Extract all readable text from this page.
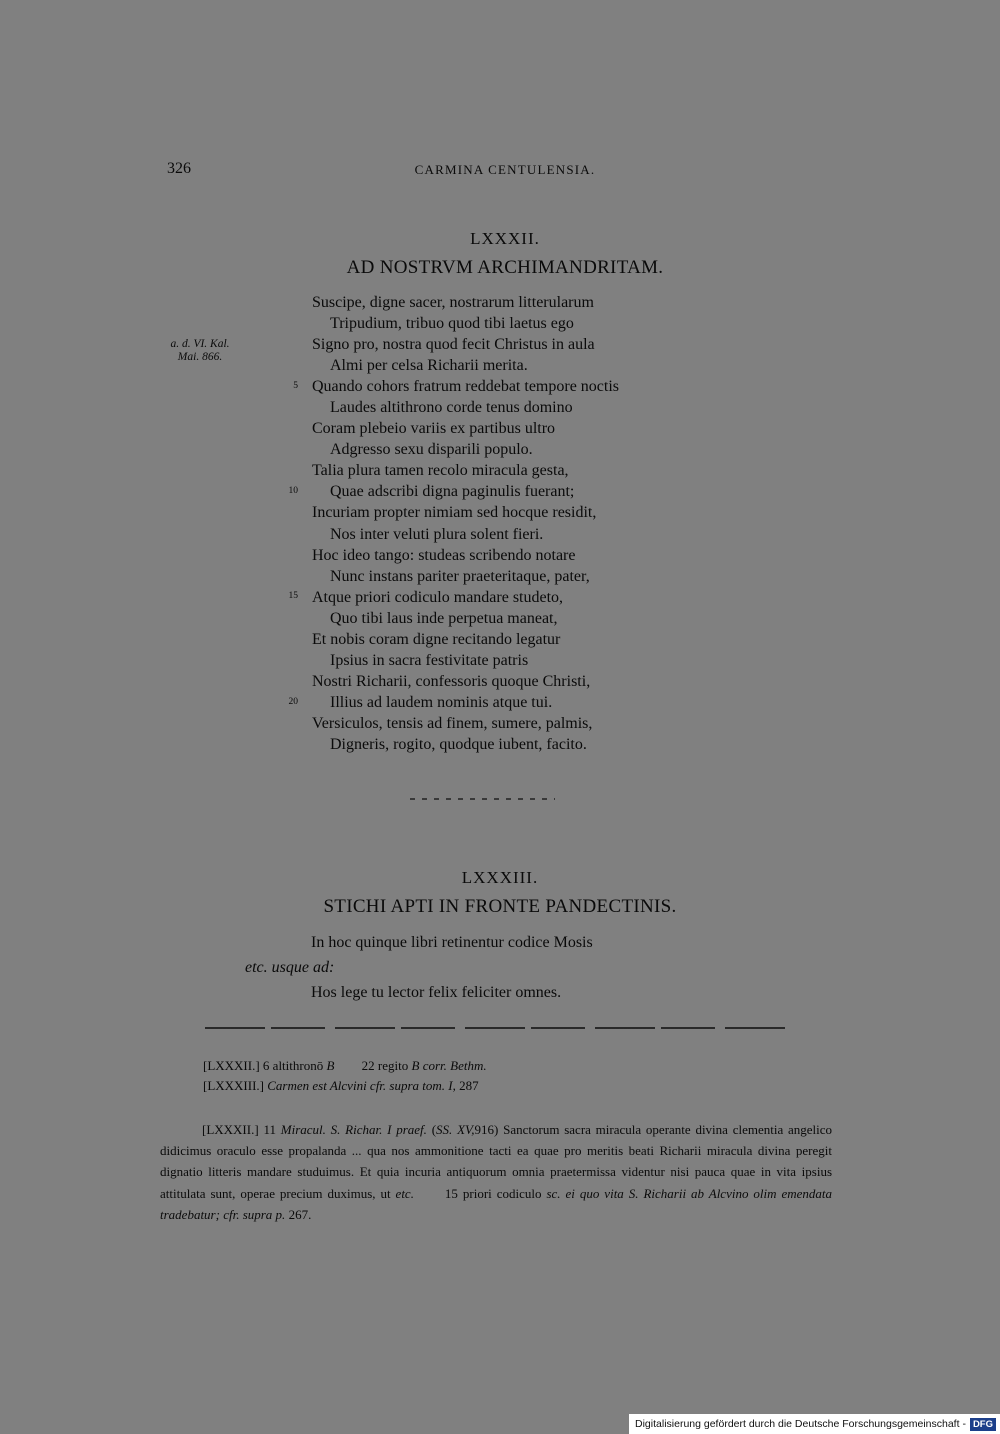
326	CARMINA CENTULENSIA.
LXXXII.
AD NOSTRVM ARCHIMANDRITAM.
a. d. VI. Kal.
Mai. 866.
5
10
15
20
Suscipe, digne sacer, nostrarum litterularum
Tripudium, tribuo quod tibi laetus ego
Signo pro, nostra quod fecit Christus in aula
Almi per celsa Richarii merita.
Quando cohors fratrum reddebat tempore noctis
Laudes altithrono corde tenus domino
Coram plebeio variis ex partibus ultro
Adgresso sexu disparili populo.
Talia plura tamen recolo miracula gesta,
Quae adscribi digna paginulis fuerant;
Incuriam propter nimiam sed hocque residit,
Nos inter veluti plura solent fieri.
Hoc ideo tango: studeas scribendo notare
Nunc instans pariter praeteritaque, pater,
Atque priori codiculo mandare studeto,
Quo tibi laus inde perpetua maneat,
Et nobis coram digne recitando legatur
Ipsius in sacra festivitate patris
Nostri Richarii, confessoris quoque Christi,
Illius ad laudem nominis atque tui.
Versiculos, tensis ad finem, sumere, palmis,
Digneris, rogito, quodque iubent, facito.
LXXXIII.
STICHI APTI IN FRONTE PANDECTINIS.
In hoc quinque libri retinentur codice Mosis
etc. usque ad:
Hos lege tu lector felix feliciter omnes.
[LXXXII.] 6 altithronō B 22 regito B corr. Bethm.
[LXXXIII.] Carmen est Alcvini cfr. supra tom. I, 287

[LXXXII.] 11 Miracul. S. Richar. I praef. (SS. XV,916) Sanctorum sacra miracula operante divina clementia angelico didicimus oraculo esse propalanda ... qua nos ammonitione tacti ea quae pro meritis beati Richarii miracula divina peregit dignatio litteris mandare studuimus. Et quia incuria antiquorum omnia praetermissa videntur nisi pauca quae in vita ipsius attitulata sunt, operae precium duximus, ut etc. 15 priori codiculo sc. ei quo vita S. Richarii ab Alcvino olim emendata tradebatur; cfr. supra p. 267.

Digitalisierung gefördert durch die Deutsche Forschungsgemeinschaft - DFG
